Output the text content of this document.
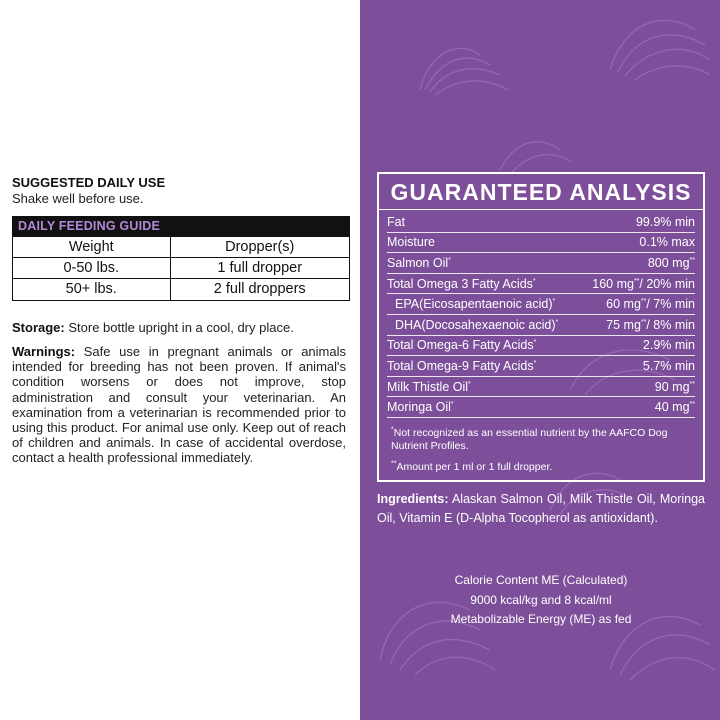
SUGGESTED DAILY USE
Shake well before use.
DAILY FEEDING GUIDE
Weight	Dropper(s)
0-50 lbs.	1 full dropper
50+ lbs.	2 full droppers
Storage: Store bottle upright in a cool, dry place.
Warnings: Safe use in pregnant animals or animals intended for breeding has not been proven. If animal's condition worsens or does not improve, stop administration and consult your veterinarian. An examination from a veterinarian is recommended prior to using this product. For animal use only. Keep out of reach of children and animals. In case of accidental overdose, contact a health professional immediately.
GUARANTEED ANALYSIS
Fat	99.9% min
Moisture	0.1% max
Salmon Oil*	800 mg**
Total Omega 3 Fatty Acids*	160 mg**/ 20% min
EPA(Eicosapentaenoic acid)*	60 mg**/ 7% min
DHA(Docosahexaenoic acid)*	75 mg**/ 8% min
Total Omega-6 Fatty Acids*	2.9% min
Total Omega-9 Fatty Acids*	5.7% min
Milk Thistle Oil*	90 mg**
Moringa Oil*	40 mg**
*Not recognized as an essential nutrient by the AAFCO Dog Nutrient Profiles.
**Amount per 1 ml or 1 full dropper.
Ingredients: Alaskan Salmon Oil, Milk Thistle Oil, Moringa Oil, Vitamin E (D-Alpha Tocopherol as antioxidant).
Calorie Content ME (Calculated)
9000 kcal/kg and 8 kcal/ml
Metabolizable Energy (ME) as fed
